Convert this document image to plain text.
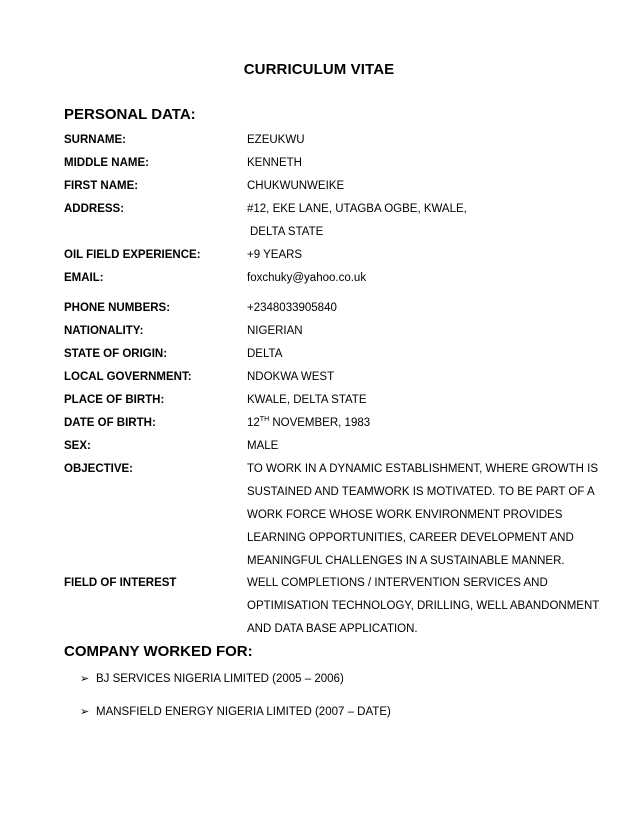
CURRICULUM VITAE
PERSONAL DATA:
SURNAME:	EZEUKWU
MIDDLE NAME:	KENNETH
FIRST NAME:	CHUKWUNWEIKE
ADDRESS:	#12, EKE LANE, UTAGBA OGBE, KWALE,
DELTA STATE
OIL FIELD EXPERIENCE:	+9 YEARS
EMAIL:	foxchuky@yahoo.co.uk
PHONE NUMBERS:	+2348033905840
NATIONALITY:	NIGERIAN
STATE OF ORIGIN:	DELTA
LOCAL GOVERNMENT:	NDOKWA WEST
PLACE OF BIRTH:	KWALE, DELTA STATE
DATE OF BIRTH:	12TH NOVEMBER, 1983
SEX:	MALE
OBJECTIVE:	TO WORK IN A DYNAMIC ESTABLISHMENT, WHERE GROWTH IS
SUSTAINED AND TEAMWORK IS MOTIVATED. TO BE PART OF A
WORK FORCE WHOSE WORK ENVIRONMENT PROVIDES
LEARNING OPPORTUNITIES, CAREER DEVELOPMENT AND
MEANINGFUL CHALLENGES IN A SUSTAINABLE MANNER.
FIELD OF INTEREST	WELL COMPLETIONS / INTERVENTION SERVICES AND
OPTIMISATION TECHNOLOGY, DRILLING, WELL ABANDONMENT
AND DATA BASE APPLICATION.
COMPANY WORKED FOR:
➢ BJ SERVICES NIGERIA LIMITED (2005 – 2006)
➢ MANSFIELD ENERGY NIGERIA LIMITED (2007 – DATE)
